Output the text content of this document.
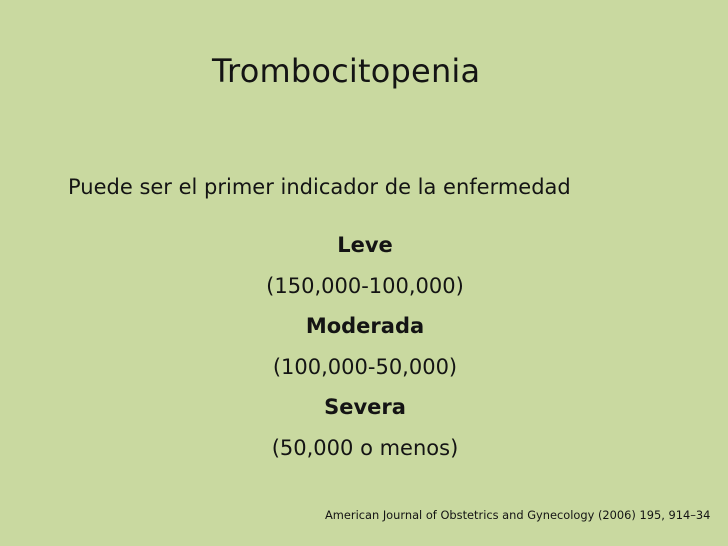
Trombocitopenia
Puede ser el primer indicador de la enfermedad
Leve
(150,000-100,000)
Moderada
(100,000-50,000)
Severa
(50,000 o menos)
American Journal of Obstetrics and Gynecology (2006) 195, 914–34
